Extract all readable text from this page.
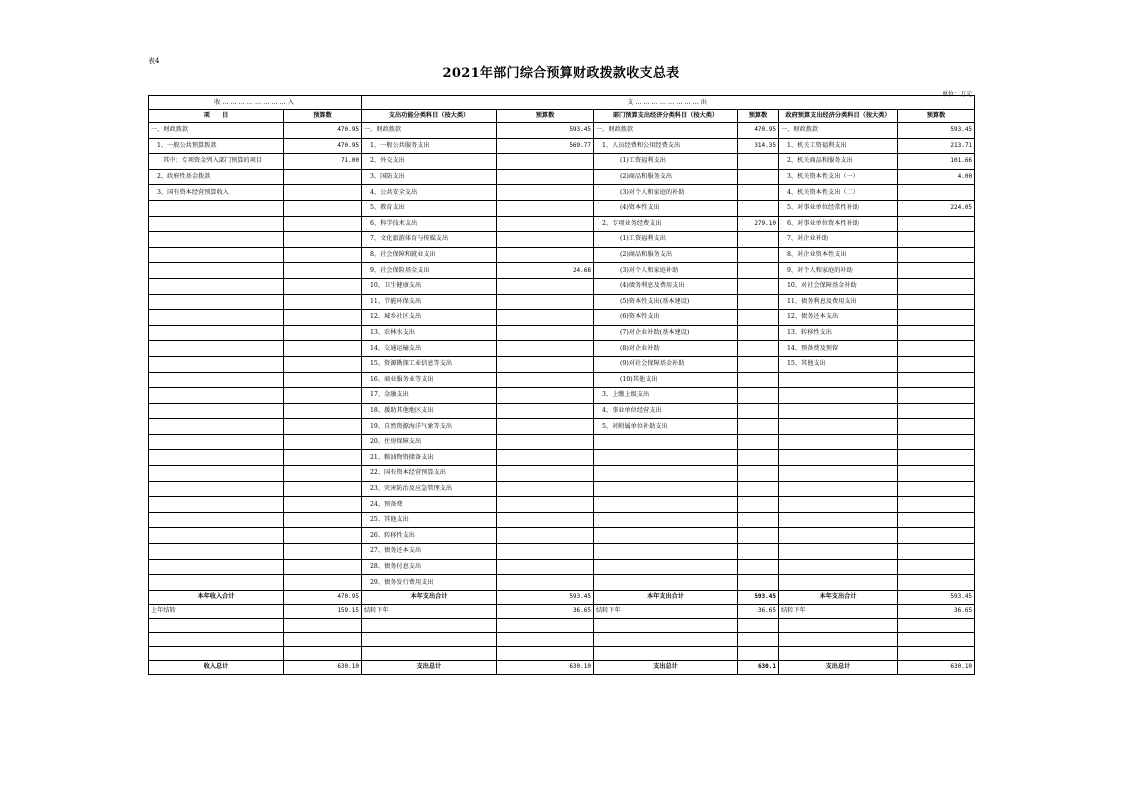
表4
2021年部门综合预算财政拨款收支总表
单位：万元
收……………………入		支……………………出					
项　　目	预算数	支出功能分类科目（按大类）	预算数	部门预算支出经济分类科目（按大类）	预算数	政府预算支出经济分类科目（按大类）	预算数
一、财政拨款	470.95	一、财政拨款	593.45	一、财政拨款	470.95	一、财政拨款	593.45
1、一般公共预算拨款	470.95	1、一般公共服务支出	569.77	1、人员经费和公用经费支出	314.35	1、机关工资福利支出	213.71
其中：专项资金列入部门预算的项目	71.00	2、外交支出		(1)工资福利支出		2、机关商品和服务支出	101.66
2、政府性基金拨款		3、国防支出		(2)商品和服务支出		3、机关资本性支出（一）	4.00
3、国有资本经营预算收入		4、公共安全支出		(3)对个人和家庭的补助		4、机关资本性支出（二）	
		5、教育支出		(4)资本性支出		5、对事业单位经常性补助	224.05
		6、科学技术支出		2、专项业务经费支出	279.10	6、对事业单位资本性补助	
		7、文化旅游体育与传媒支出		(1)工资福利支出		7、对企业补助	
		8、社会保障和就业支出		(2)商品和服务支出		8、对企业资本性支出	
		9、社会保险基金支出	24.68	(3)对个人和家庭补助		9、对个人和家庭的补助	
		10、卫生健康支出		(4)债务利息及费用支出		10、对社会保障基金补助	
		11、节能环保支出		(5)资本性支出(基本建设)		11、债务利息及费用支出	
		12、城乡社区支出		(6)资本性支出		12、债务还本支出	
		13、农林水支出		(7)对企业补助(基本建设)		13、转移性支出	
		14、交通运输支出		(8)对企业补助		14、预备费及预留	
		15、资源勘探工业信息等支出		(9)对社会保障基金补助		15、其他支出	
		16、商业服务业等支出		(10)其他支出			
		17、金融支出		3、上缴上级支出			
		18、援助其他地区支出		4、事业单位经营支出			
		19、自然资源海洋气象等支出		5、对附属单位补助支出			
		20、住房保障支出					
		21、粮油物资储备支出					
		22、国有资本经营预算支出					
		23、灾害防治及应急管理支出					
		24、预备费					
		25、其他支出					
		26、转移性支出					
		27、债务还本支出					
		28、债务付息支出					
		29、债务发行费用支出					
本年收入合计	470.95	本年支出合计	593.45	本年支出合计	593.45	本年支出合计	593.45
上年结转	159.15	结转下年	36.65	结转下年	36.65	结转下年	36.65

收入总计	630.10	支出总计	630.10	支出总计	630.1	支出总计	630.10
